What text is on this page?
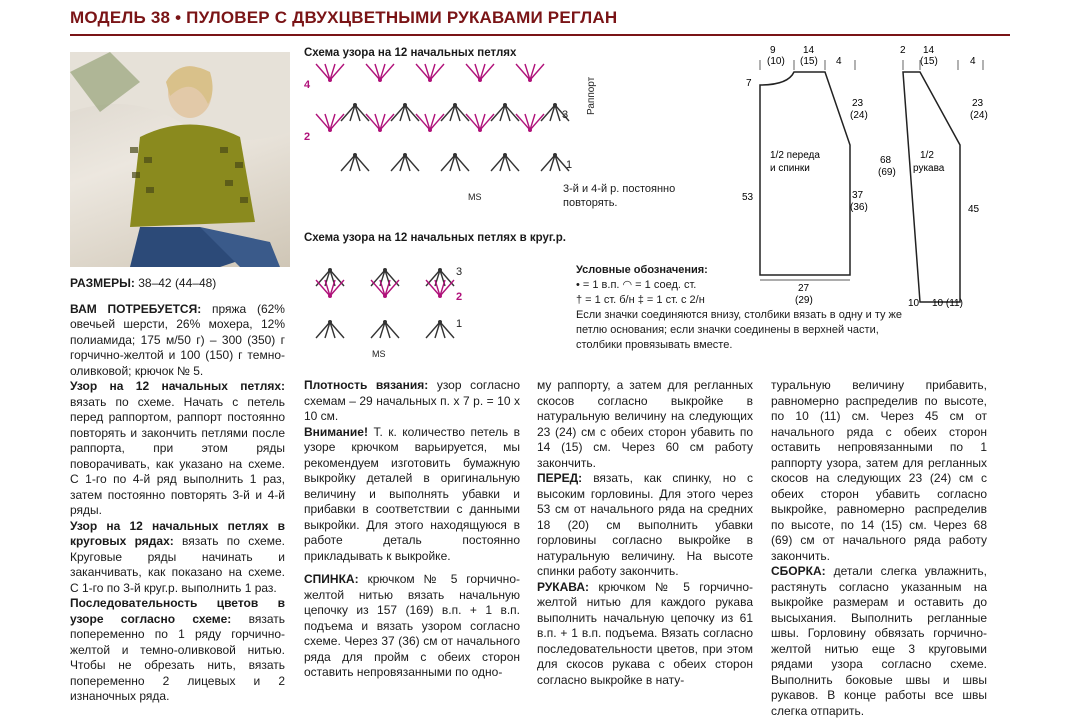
МОДЕЛЬ 38 • ПУЛОВЕР С ДВУХЦВЕТНЫМИ РУКАВАМИ РЕГЛАН

РАЗМЕРЫ: 38–42 (44–48)

ВАМ ПОТРЕБУЕТСЯ: пряжа (62% овечьей шерсти, 26% мохера, 12% полиамида; 175 м/50 г) – 300 (350) г горчично-желтой и 100 (150) г темно-оливковой; крючок № 5.

Узор на 12 начальных петлях: вязать по схеме. Начать с петель перед раппортом, раппорт постоянно повторять и закончить петлями после раппорта, при этом ряды поворачивать, как указано на схеме. С 1-го по 4-й ряд выполнить 1 раз, затем постоянно повторять 3-й и 4-й ряды.

Узор на 12 начальных петлях в круговых рядах: вязать по схеме. Круговые ряды начинать и заканчивать, как показано на схеме. С 1-го по 3-й круг.р. выполнить 1 раз.

Последовательность цветов в узоре согласно схеме: вязать попеременно по 1 ряду горчично-желтой и темно-оливковой нитью. Чтобы не обрезать нить, вязать попеременно 2 лицевых и 2 изнаночных ряда.

Схема узора на 12 начальных петлях
4
3
2
1
MS
Раппорт
3-й и 4-й р. постоянно повторять.
Схема узора на 12 начальных петлях в круг.р.
3
2
1
MS
Условные обозначения:
• = 1 в.п. ◠ = 1 соед. ст.
† = 1 ст. б/н ‡ = 1 ст. с 2/н
Если значки соединяются внизу, столбики вязать в одну и ту же петлю основания; если значки соединены в верхней части, столбики провязывать вместе.
9
(10)
14
(15) 4
7
23
(24)
1/2 переда
и спинки
37
(36)
53
27
(29)
2 14
(15)	4
23
(24)
68
(69)
1/2
рукава
45
10 10 (11)

Плотность вязания: узор согласно схемам – 29 начальных п. х 7 р. = 10 х 10 см.

Внимание! Т. к. количество петель в узоре крючком варьируется, мы рекомендуем изготовить бумажную выкройку деталей в оригинальную величину и выполнять убавки и прибавки в соответствии с данными выкройки. Для этого находящуюся в работе деталь постоянно прикладывать к выкройке.

СПИНКА: крючком № 5 горчично-желтой нитью вязать начальную цепочку из 157 (169) в.п. + 1 в.п. подъема и вязать узором согласно схеме. Через 37 (36) см от начального ряда для пройм с обеих сторон оставить непровязанными по одно-

му раппорту, а затем для регланных скосов согласно выкройке в натуральную величину на следующих 23 (24) см с обеих сторон убавить по 14 (15) см. Через 60 см работу закончить.

ПЕРЕД: вязать, как спинку, но с высоким горловины. Для этого через 53 см от начального ряда на средних 18 (20) см выполнить убавки горловины согласно выкройке в натуральную величину. На высоте спинки работу закончить.

РУКАВА: крючком № 5 горчично-желтой нитью для каждого рукава выполнить начальную цепочку из 61 в.п. + 1 в.п. подъема. Вязать согласно последовательности цветов, при этом для скосов рукава с обеих сторон согласно выкройке в нату-

туральную величину прибавить, равномерно распределив по высоте, по 10 (11) см. Через 45 см от начального ряда с обеих сторон оставить непровязанными по 1 раппорту узора, затем для регланных скосов на следующих 23 (24) см с обеих сторон убавить согласно выкройке, равномерно распределив по высоте, по 14 (15) см. Через 68 (69) см от начального ряда работу закончить.

СБОРКА: детали слегка увлажнить, растянуть согласно указанным на выкройке размерам и оставить до высыхания. Выполнить регланные швы. Горловину обвязать горчично-желтой нитью еще 3 круговыми рядами узора согласно схеме. Выполнить боковые швы и швы рукавов. В конце работы все швы слегка отпарить.
